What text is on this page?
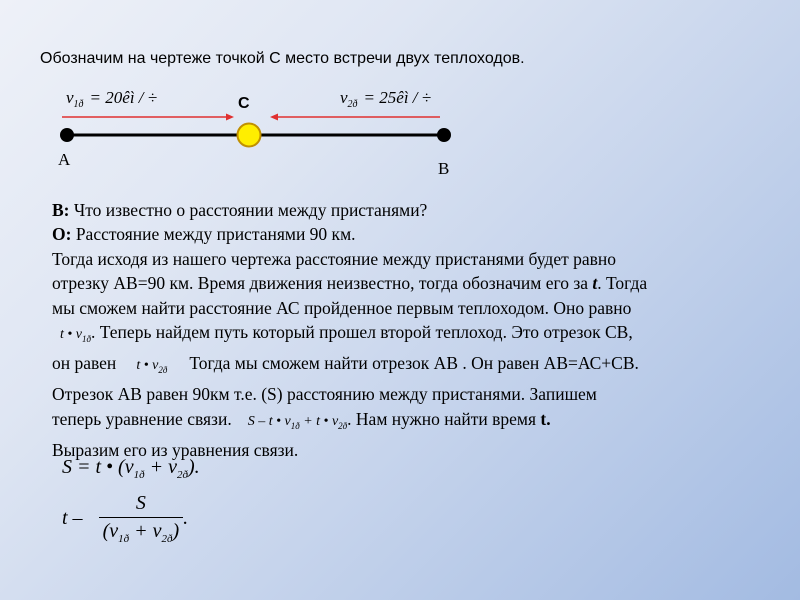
Обозначим на чертеже точкой С место встречи двух теплоходов.
$v_{1ð}$ = 20êì / ÷	$v_{2ð}$ = 25êì / ÷
C
A	B

В: Что известно о расстоянии между пристанями?

О: Расстояние между пристанями 90 км.

Тогда исходя из нашего чертежа расстояние между пристанями будет равно

отрезку АВ=90 км. Время движения неизвестно, тогда обозначим его за t. Тогда

мы сможем найти расстояние АС пройденное первым теплоходом. Оно равно

t • $v_{1ð}$. Теперь найдем путь который прошел второй теплоход. Это отрезок СВ,

он равен t • $v_{2ð}$ Тогда мы сможем найти отрезок АВ . Он равен АВ=АС+СВ.

Отрезок АВ равен 90км т.е. (S) расстоянию между пристанями. Запишем

теперь уравнение связи. S – t • $v_{1ð} + t$ • $v_{2ð}$. Нам нужно найти время t.

Выразим его из уравнения связи.

S = t • $(v_{1ð} + v_{2ð})$.
t – $\frac{S}{(v_{1ð} + v_{2ð})}$ .
